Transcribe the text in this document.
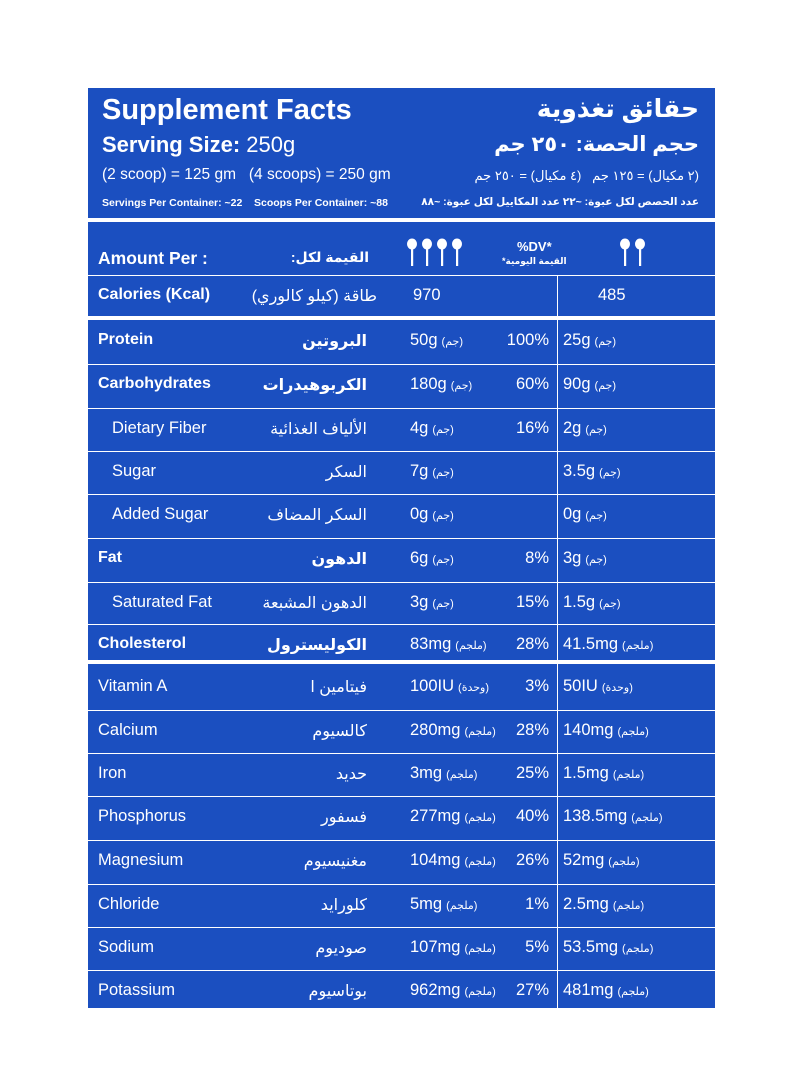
Supplement Facts	حقائق تغذوية
Serving Size: 250g	حجم الحصة: ٢٥٠ جم
(2 scoop) = 125 gm   (4 scoops) = 250 gm	(٢ مكيال) = ١٢٥ جم   (٤ مكيال) = ٢٥٠ جم
Servings Per Container: ~22    Scoops Per Container: ~88	عدد الحصص لكل عبوة: ~٢٢ عدد المكاييل لكل عبوة: ~٨٨
Amount Per :	القيمة لكل:
%DV*
القيمة اليومية*
Calories (Kcal)	طاقة (كيلو كالوري) 970	485
Protein	البروتين	50g (جم)	100% 25g (جم)
Carbohydrates	الكربوهيدرات	180g (جم)	60% 90g (جم)
Dietary Fiber	الألياف الغذائية	4g (جم)	16% 2g (جم)
Sugar	السكر	7g (جم)	3.5g (جم)
Added Sugar	السكر المضاف	0g (جم)	0g (جم)
Fat	الدهون	6g (جم)	8% 3g (جم)
Saturated Fat	الدهون المشبعة	3g (جم)	15% 1.5g (جم)
Cholesterol	الكوليسترول	83mg (ملجم) 28% 41.5mg (ملجم)
Vitamin A	فيتامين ا	100IU (وحدة) 3% 50IU (وحدة)
Calcium	كالسيوم	280mg (ملجم) 28% 140mg (ملجم)
Iron	حديد	3mg (ملجم) 25% 1.5mg (ملجم)
Phosphorus	فسفور	277mg (ملجم) 40% 138.5mg (ملجم)
Magnesium	مغنيسيوم	104mg (ملجم) 26% 52mg (ملجم)
Chloride	كلورايد	5mg (ملجم)	1% 2.5mg (ملجم)
Sodium	صوديوم	107mg (ملجم) 5% 53.5mg (ملجم)
Potassium	بوتاسيوم	962mg (ملجم) 27% 481mg (ملجم)
